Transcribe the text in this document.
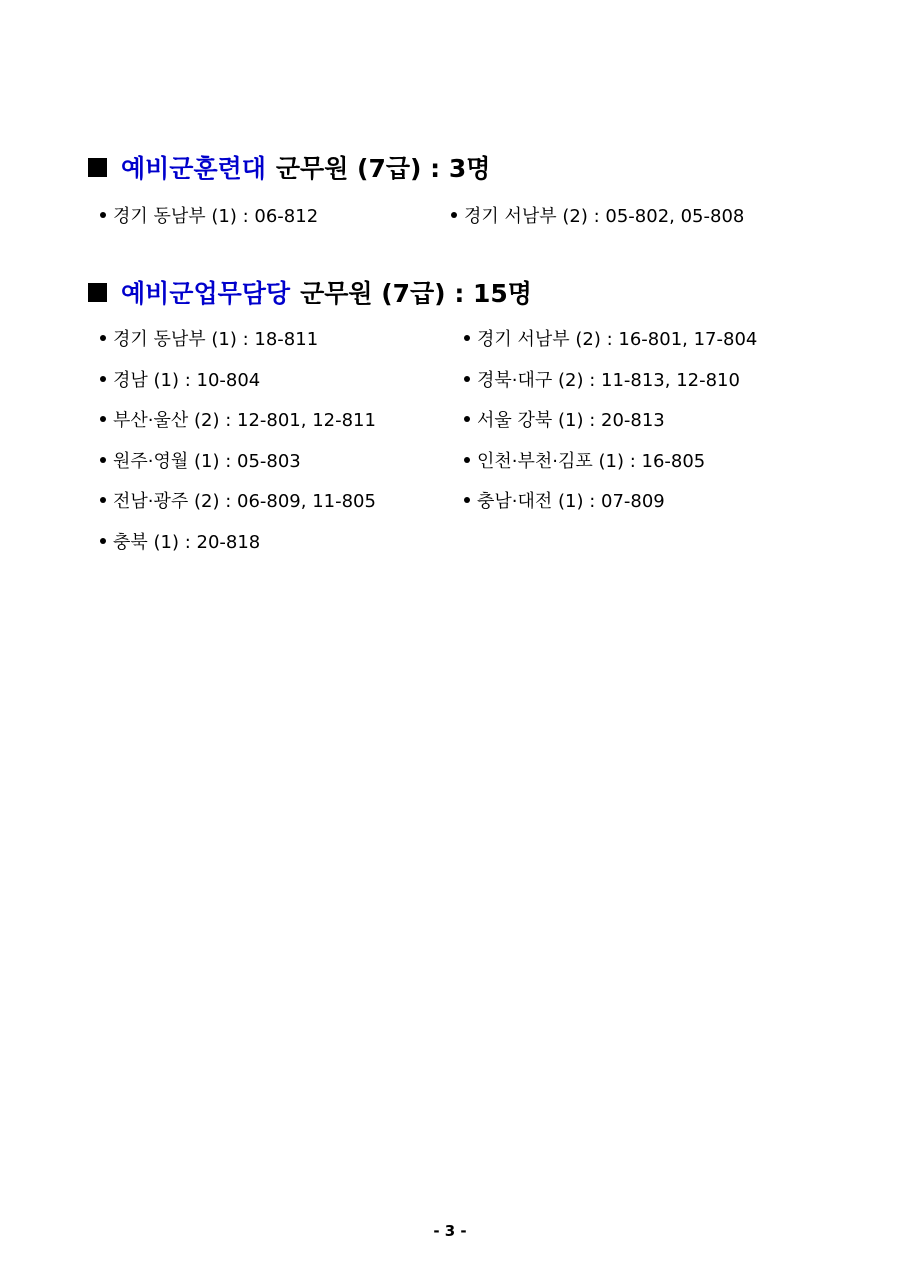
예비군훈련대 군무원 (7급) : 3명
경기 동남부 (1) : 06-812	경기 서남부 (2) : 05-802, 05-808
예비군업무담당 군무원 (7급) : 15명
경기 동남부 (1) : 18-811	경기 서남부 (2) : 16-801, 17-804
경남 (1) : 10-804	경북·대구 (2) : 11-813, 12-810
부산·울산 (2) : 12-801, 12-811	서울 강북 (1) : 20-813
원주·영월 (1) : 05-803	인천·부천·김포 (1) : 16-805
전남·광주 (2) : 06-809, 11-805	충남·대전 (1) : 07-809
충북 (1) : 20-818
- 3 -
